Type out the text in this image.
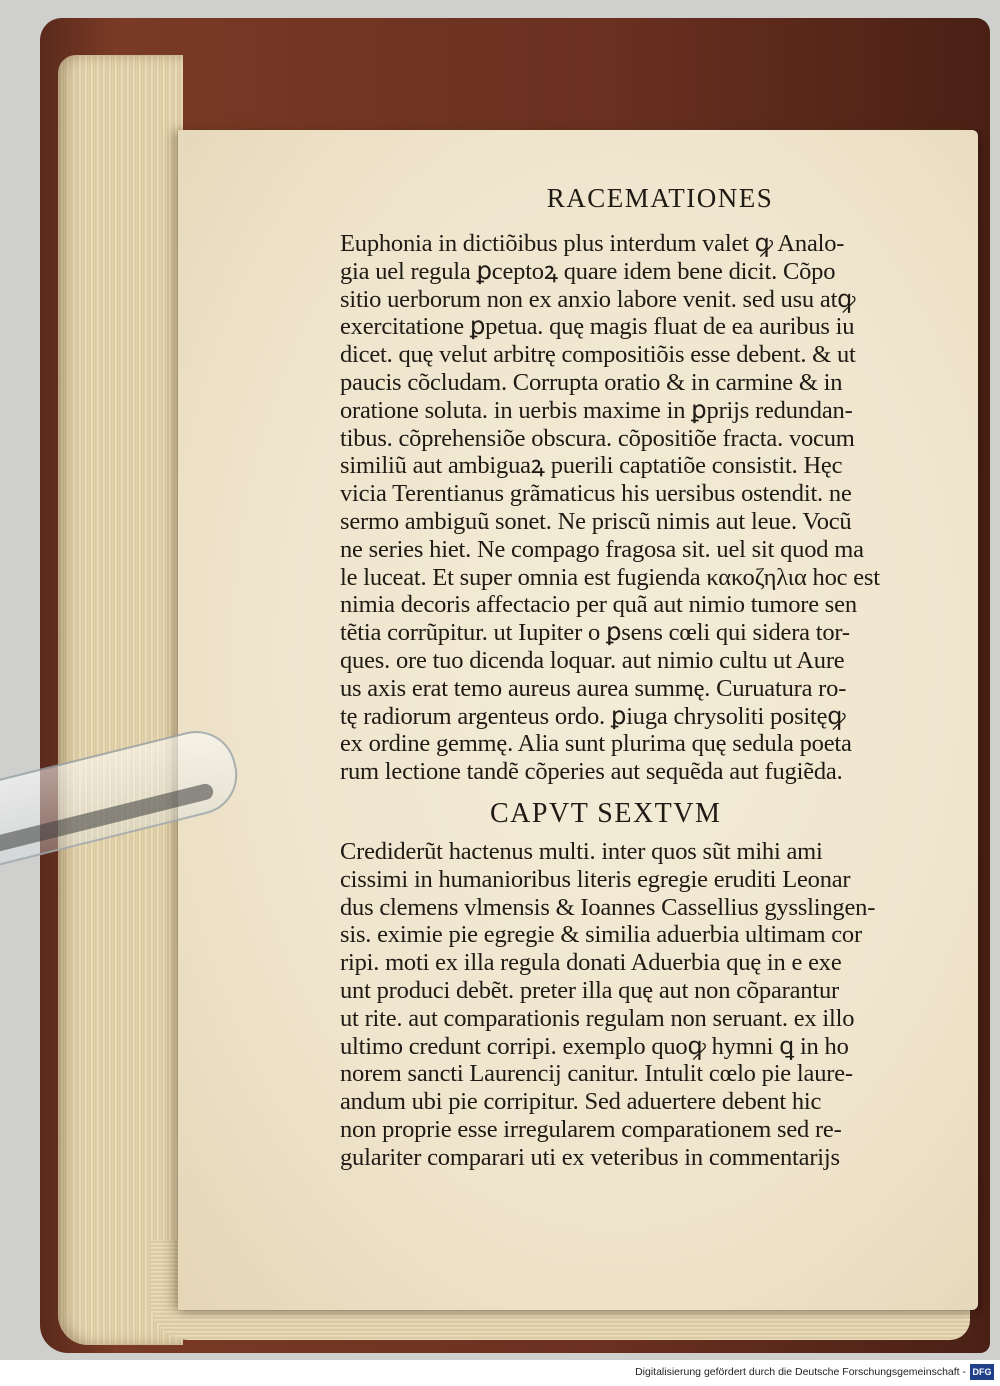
RACEMATIONES
Euphonia in dictiõibus plus interdum valet ꝙ Analo-
gia uel regula ꝑceptoꝝ quare idem bene dicit. Cõpo
sitio uerborum non ex anxio labore venit. sed usu atꝙ
exercitatione ꝑpetua. quę magis fluat de ea auribus iu
dicet. quę velut arbitrę compositiõis esse debent. & ut
paucis cõcludam. Corrupta oratio & in carmine & in
oratione soluta. in uerbis maxime in ꝑprijs redundan-
tibus. cõprehensiõe obscura. cõpositiõe fracta. vocum
similiũ aut ambiguaꝝ puerili captatiõe consistit. Hęc
vicia Terentianus grãmaticus his uersibus ostendit. ne
sermo ambiguũ sonet. Ne priscũ nimis aut leue. Vocũ
ne series hiet. Ne compago fragosa sit. uel sit quod ma
le luceat. Et super omnia est fugienda κακοζηλια hoc est
nimia decoris affectacio per quã aut nimio tumore sen
tẽtia corrũpitur. ut Iupiter o ꝑsens cœli qui sidera tor-
ques. ore tuo dicenda loquar. aut nimio cultu ut Aure
us axis erat temo aureus aurea summę. Curuatura ro-
tę radiorum argenteus ordo. ꝑiuga chrysoliti positęꝙ
ex ordine gemmę. Alia sunt plurima quę sedula poeta
rum lectione tandẽ cõperies aut sequẽda aut fugiẽda.
CAPVT SEXTVM
Crediderũt hactenus multi. inter quos sũt mihi ami
cissimi in humanioribus literis egregie eruditi Leonar
dus clemens vlmensis & Ioannes Cassellius gysslingen-
sis. eximie pie egregie & similia aduerbia ultimam cor
ripi. moti ex illa regula donati Aduerbia quę in e exe
unt produci debẽt. preter illa quę aut non cõparantur
ut rite. aut comparationis regulam non seruant. ex illo
ultimo credunt corripi. exemplo quoꝙ hymni ꝗ in ho
norem sancti Laurencij canitur. Intulit cœlo pie laure-
andum ubi pie corripitur. Sed aduertere debent hic
non proprie esse irregularem comparationem sed re-
gulariter comparari uti ex veteribus in commentarijs
Digitalisierung gefördert durch die Deutsche Forschungsgemeinschaft - DFG
